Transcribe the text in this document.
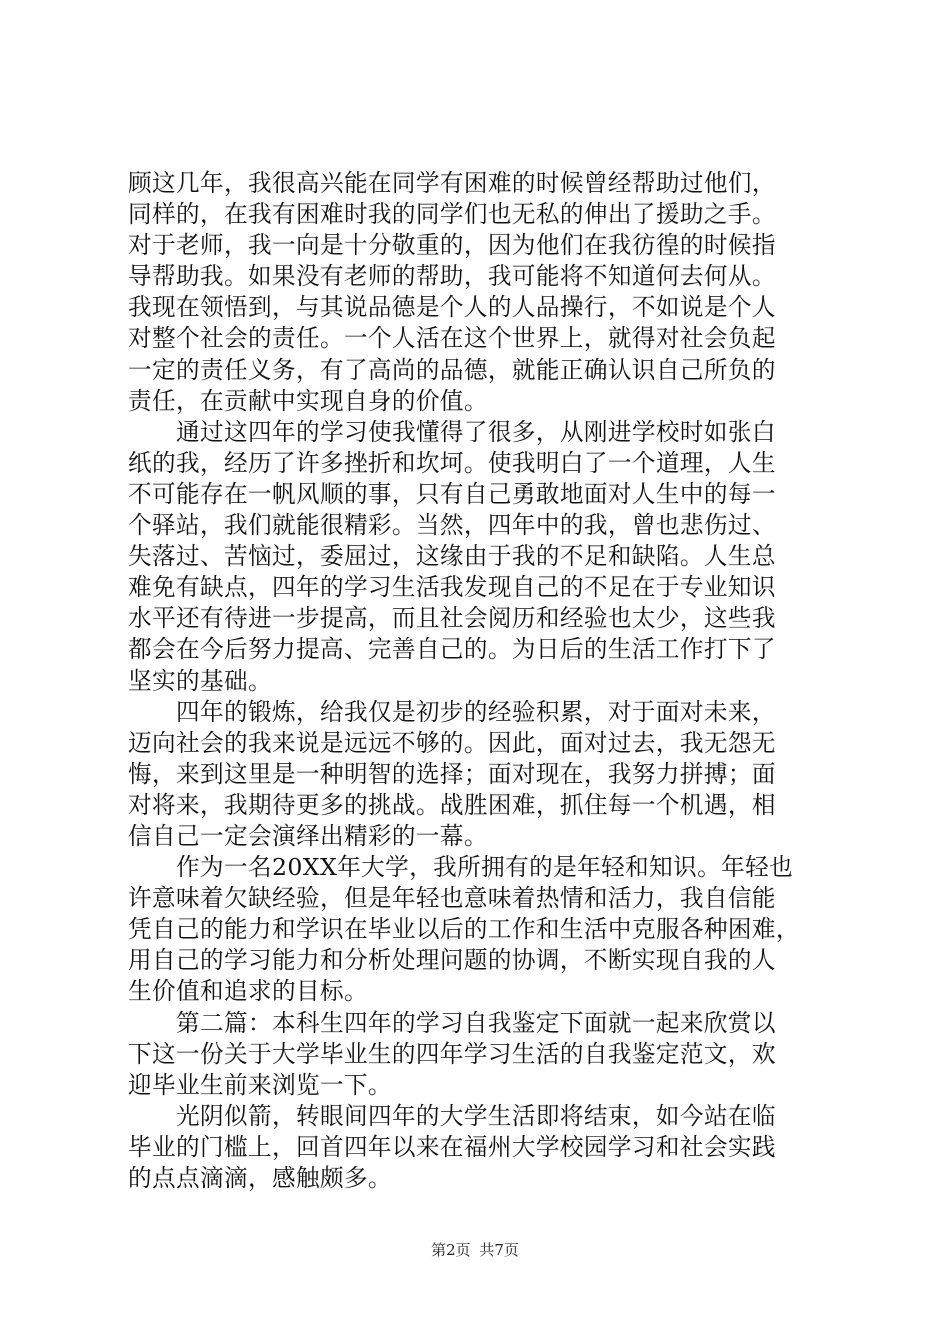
顾这几年，我很高兴能在同学有困难的时候曾经帮助过他们，
同样的，在我有困难时我的同学们也无私的伸出了援助之手。
对于老师，我一向是十分敬重的，因为他们在我彷徨的时候指
导帮助我。如果没有老师的帮助，我可能将不知道何去何从。
我现在领悟到，与其说品德是个人的人品操行，不如说是个人
对整个社会的责任。一个人活在这个世界上，就得对社会负起
一定的责任义务，有了高尚的品德，就能正确认识自己所负的
责任，在贡献中实现自身的价值。
通过这四年的学习使我懂得了很多，从刚进学校时如张白
纸的我，经历了许多挫折和坎坷。使我明白了一个道理，人生
不可能存在一帆风顺的事，只有自己勇敢地面对人生中的每一
个驿站，我们就能很精彩。当然，四年中的我，曾也悲伤过、
失落过、苦恼过，委屈过，这缘由于我的不足和缺陷。人生总
难免有缺点，四年的学习生活我发现自己的不足在于专业知识
水平还有待进一步提高，而且社会阅历和经验也太少，这些我
都会在今后努力提高、完善自己的。为日后的生活工作打下了
坚实的基础。
四年的锻炼，给我仅是初步的经验积累，对于面对未来，
迈向社会的我来说是远远不够的。因此，面对过去，我无怨无
悔，来到这里是一种明智的选择；面对现在，我努力拼搏；面
对将来，我期待更多的挑战。战胜困难，抓住每一个机遇，相
信自己一定会演绎出精彩的一幕。
作为一名20XX年大学，我所拥有的是年轻和知识。年轻也
许意味着欠缺经验，但是年轻也意味着热情和活力，我自信能
凭自己的能力和学识在毕业以后的工作和生活中克服各种困难，
用自己的学习能力和分析处理问题的协调，不断实现自我的人
生价值和追求的目标。
第二篇：本科生四年的学习自我鉴定下面就一起来欣赏以
下这一份关于大学毕业生的四年学习生活的自我鉴定范文，欢
迎毕业生前来浏览一下。
光阴似箭，转眼间四年的大学生活即将结束，如今站在临
毕业的门槛上，回首四年以来在福州大学校园学习和社会实践
的点点滴滴，感触颇多。
第2页 共7页
